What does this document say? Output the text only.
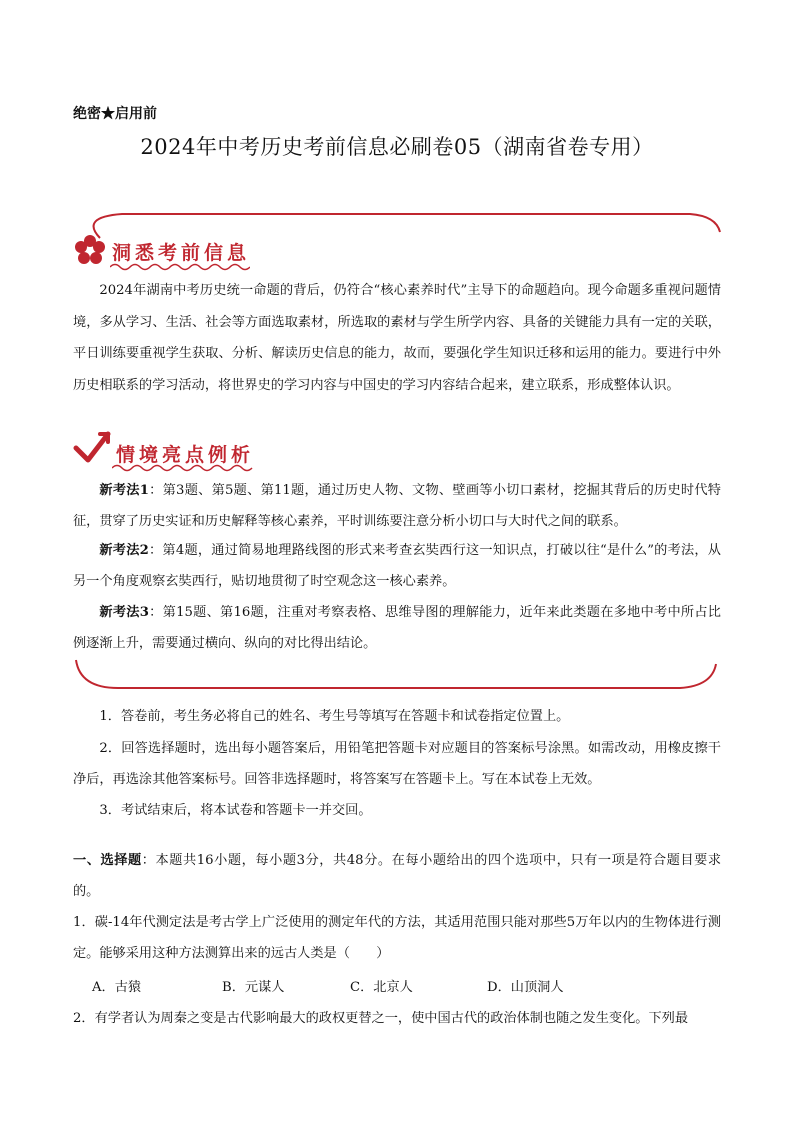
绝密★启用前
2024年中考历史考前信息必刷卷05（湖南省卷专用）
洞悉考前信息
2024年湖南中考历史统一命题的背后，仍符合“核心素养时代”主导下的命题趋向。现今命题多重视问题情境，多从学习、生活、社会等方面选取素材，所选取的素材与学生所学内容、具备的关键能力具有一定的关联，平日训练要重视学生获取、分析、解读历史信息的能力，故而，要强化学生知识迁移和运用的能力。要进行中外历史相联系的学习活动，将世界史的学习内容与中国史的学习内容结合起来，建立联系，形成整体认识。
情境亮点例析
新考法1：第3题、第5题、第11题，通过历史人物、文物、壁画等小切口素材，挖掘其背后的历史时代特征，贯穿了历史实证和历史解释等核心素养，平时训练要注意分析小切口与大时代之间的联系。
新考法2：第4题，通过简易地理路线图的形式来考查玄奘西行这一知识点，打破以往“是什么”的考法，从另一个角度观察玄奘西行，贴切地贯彻了时空观念这一核心素养。
新考法3：第15题、第16题，注重对考察表格、思维导图的理解能力，近年来此类题在多地中考中所占比例逐渐上升，需要通过横向、纵向的对比得出结论。
1．答卷前，考生务必将自己的姓名、考生号等填写在答题卡和试卷指定位置上。
2．回答选择题时，选出每小题答案后，用铅笔把答题卡对应题目的答案标号涂黑。如需改动，用橡皮擦干净后，再选涂其他答案标号。回答非选择题时，将答案写在答题卡上。写在本试卷上无效。
3．考试结束后，将本试卷和答题卡一并交回。
一、选择题：本题共16小题，每小题3分，共48分。在每小题给出的四个选项中，只有一项是符合题目要求的。
1．碳-14年代测定法是考古学上广泛使用的测定年代的方法，其适用范围只能对那些5万年以内的生物体进行测定。能够采用这种方法测算出来的远古人类是（　　）
A．古猿	B．元谋人	C．北京人	D．山顶洞人
2．有学者认为周秦之变是古代影响最大的政权更替之一，使中国古代的政治体制也随之发生变化。下列最
